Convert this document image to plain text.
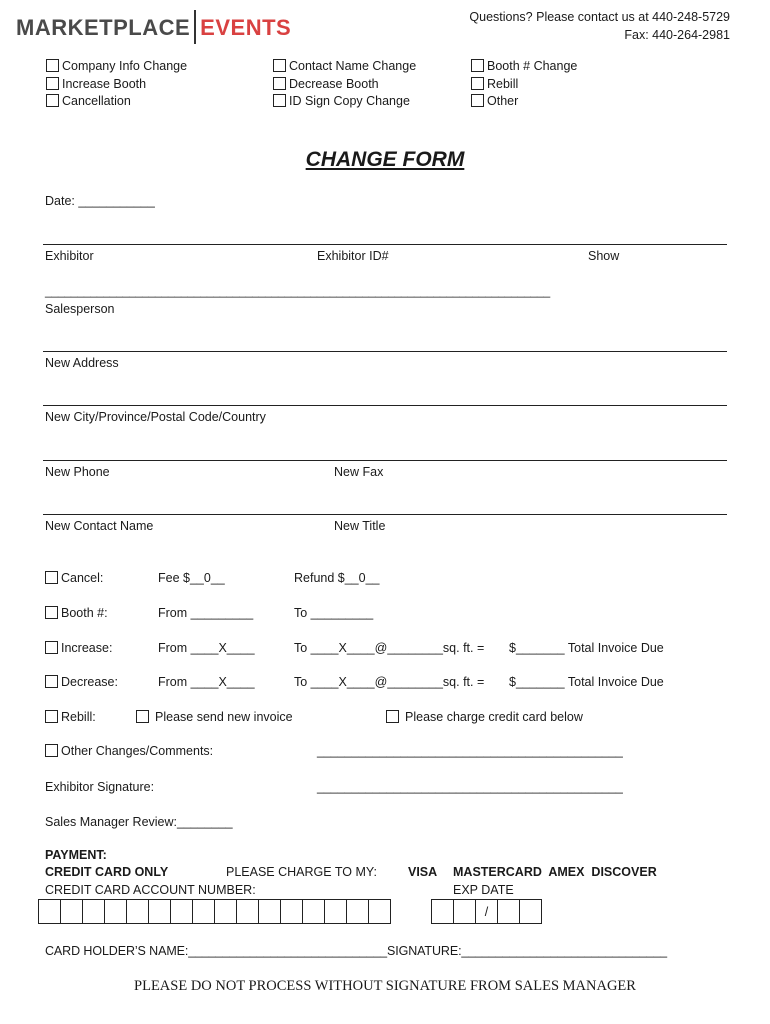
MARKETPLACE EVENTS	Questions? Please contact us at 440-248-5729
Fax: 440-264-2981
Company Info Change
Increase Booth
Cancellation
Contact Name Change
Decrease Booth
ID Sign Copy Change
Booth # Change
Rebill
Other
CHANGE FORM
Date: ___________
Exhibitor	Exhibitor ID#	Show
______________________________________________________________________________
Salesperson
New Address
New City/Province/Postal Code/Country
New Phone	New Fax
New Contact Name	New Title
Cancel:	Fee $__0__	Refund $__0__
Booth #:	From _________	To _________
Increase:	From ____X____	To ____X____@________sq. ft. = $_______ Total Invoice Due
Decrease:	From ____X____	To ____X____@________sq. ft. = $_______ Total Invoice Due
Rebill:	Please send new invoice	Please charge credit card below
Other Changes/Comments:	____________________________________________
Exhibitor Signature:	____________________________________________
Sales Manager Review:________
PAYMENT:
CREDIT CARD ONLY	PLEASE CHARGE TO MY: VISA MASTERCARD  AMEX  DISCOVER
CREDIT CARD ACCOUNT NUMBER:	EXP DATE
/
CARD HOLDER’S NAME:_____________________________SIGNATURE:______________________________
PLEASE DO NOT PROCESS WITHOUT SIGNATURE FROM SALES MANAGER
